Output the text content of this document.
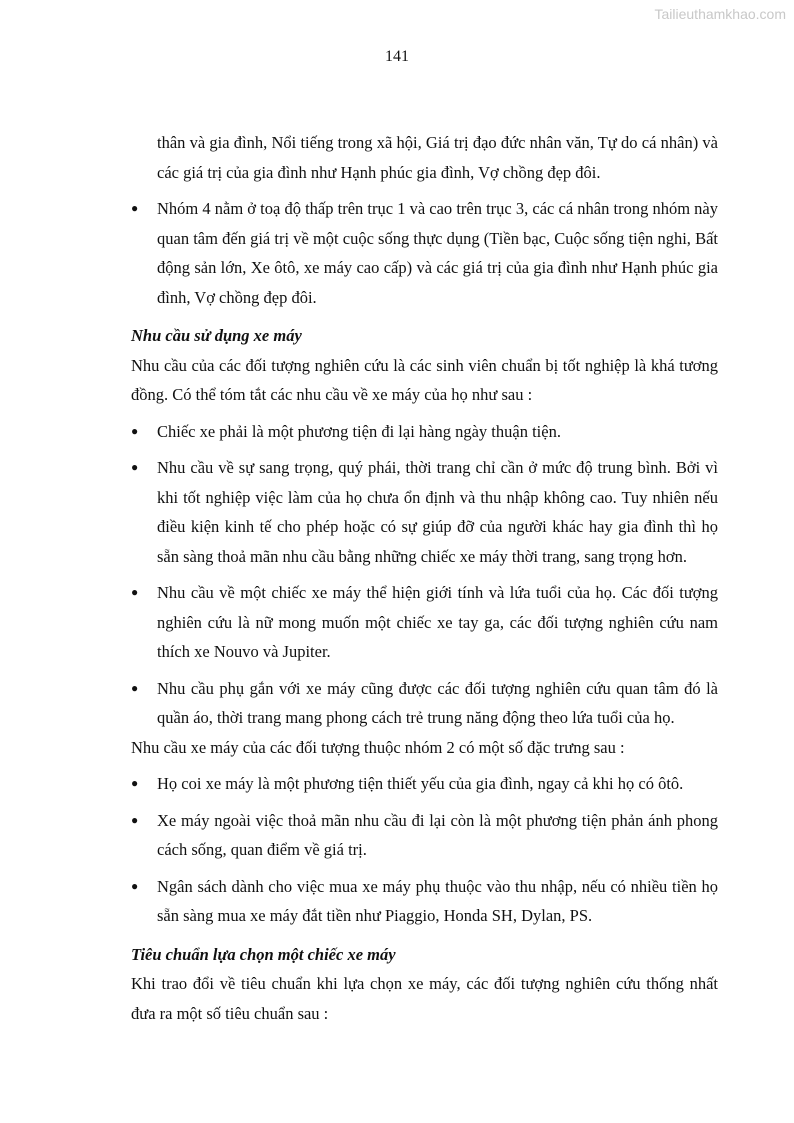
Tailieuthamkhao.com
141

thân và gia đình, Nổi tiếng trong xã hội, Giá trị đạo đức nhân văn, Tự do cá nhân) và các giá trị của gia đình như Hạnh phúc gia đình, Vợ chồng đẹp đôi.

● Nhóm 4 nằm ở toạ độ thấp trên trục 1 và cao trên trục 3, các cá nhân trong nhóm này quan tâm đến giá trị về một cuộc sống thực dụng (Tiền bạc, Cuộc sống tiện nghi, Bất động sản lớn, Xe ôtô, xe máy cao cấp) và các giá trị của gia đình như Hạnh phúc gia đình, Vợ chồng đẹp đôi.

Nhu cầu sử dụng xe máy

Nhu cầu của các đối tượng nghiên cứu là các sinh viên chuẩn bị tốt nghiệp là khá tương đồng. Có thể tóm tắt các nhu cầu về xe máy của họ như sau :

● Chiếc xe phải là một phương tiện đi lại hàng ngày thuận tiện.
● Nhu cầu về sự sang trọng, quý phái, thời trang chỉ cần ở mức độ trung bình. Bởi vì khi tốt nghiệp việc làm của họ chưa ổn định và thu nhập không cao. Tuy nhiên nếu điều kiện kinh tế cho phép hoặc có sự giúp đỡ của người khác hay gia đình thì họ sẵn sàng thoả mãn nhu cầu bằng những chiếc xe máy thời trang, sang trọng hơn.
● Nhu cầu về một chiếc xe máy thể hiện giới tính và lứa tuổi của họ. Các đối tượng nghiên cứu là nữ mong muốn một chiếc xe tay ga, các đối tượng nghiên cứu nam thích xe Nouvo và Jupiter.
● Nhu cầu phụ gắn với xe máy cũng được các đối tượng nghiên cứu quan tâm đó là quần áo, thời trang mang phong cách trẻ trung năng động theo lứa tuổi của họ.

Nhu cầu xe máy của các đối tượng thuộc nhóm 2 có một số đặc trưng sau :

● Họ coi xe máy là một phương tiện thiết yếu của gia đình, ngay cả khi họ có ôtô.
● Xe máy ngoài việc thoả mãn nhu cầu đi lại còn là một phương tiện phản ánh phong cách sống, quan điểm về giá trị.
● Ngân sách dành cho việc mua xe máy phụ thuộc vào thu nhập, nếu có nhiều tiền họ sẵn sàng mua xe máy đắt tiền như Piaggio, Honda SH, Dylan, PS.

Tiêu chuẩn lựa chọn một chiếc xe máy

Khi trao đổi về tiêu chuẩn khi lựa chọn xe máy, các đối tượng nghiên cứu thống nhất đưa ra một số tiêu chuẩn sau :
